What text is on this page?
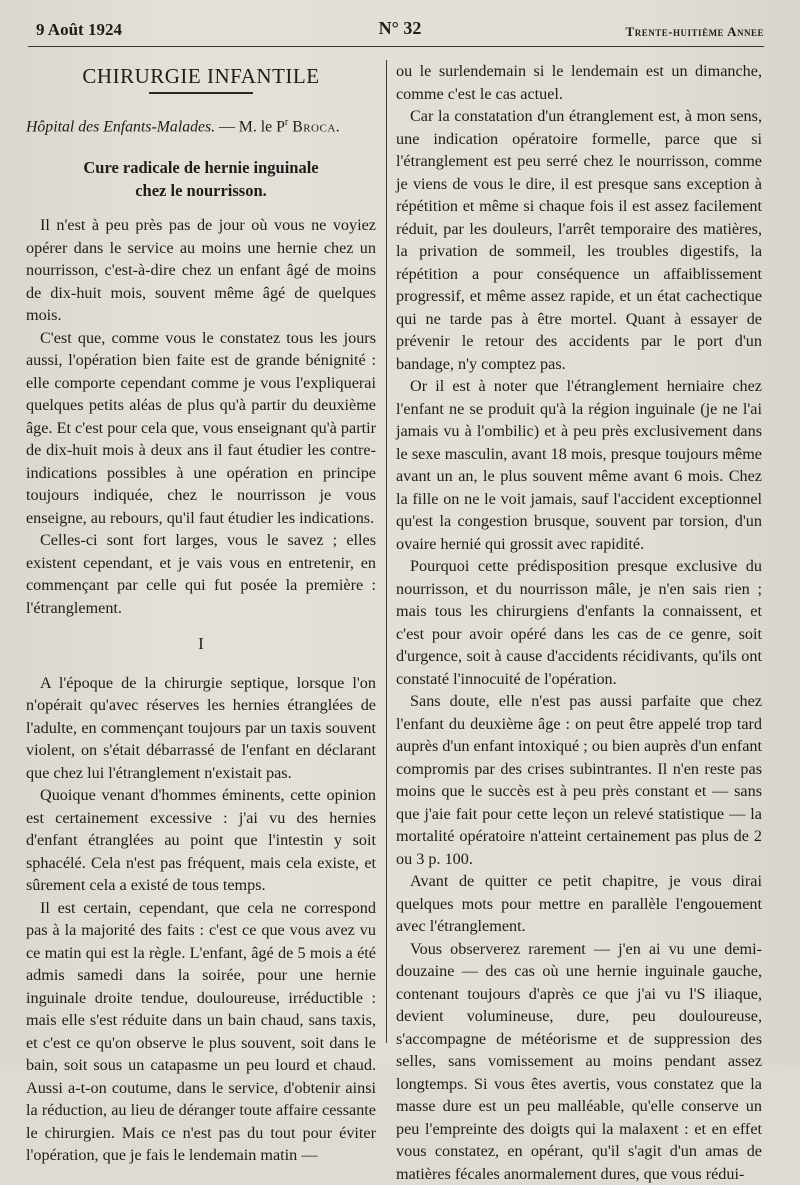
9 Août 1924	N° 32	Trente-huitième Anneе
CHIRURGIE INFANTILE
Hôpital des Enfants-Malades. — M. le $P^r$ Broca.
Cure radicale de hernie inguinale
chez le nourrisson.

Il n'est à peu près pas de jour où vous ne voyiez opérer dans le service au moins une hernie chez un nourrisson, c'est-à-dire chez un enfant âgé de moins de dix-huit mois, souvent même âgé de quelques mois.

C'est que, comme vous le constatez tous les jours aussi, l'opération bien faite est de grande bénignité : elle comporte cependant comme je vous l'expliquerai quelques petits aléas de plus qu'à partir du deuxième âge. Et c'est pour cela que, vous enseignant qu'à partir de dix-huit mois à deux ans il faut étudier les contre-indications possibles à une opération en principe toujours indiquée, chez le nourrisson je vous enseigne, au rebours, qu'il faut étudier les indications.

Celles-ci sont fort larges, vous le savez ; elles existent cependant, et je vais vous en entretenir, en commençant par celle qui fut posée la première : l'étranglement.

I

A l'époque de la chirurgie septique, lorsque l'on n'opérait qu'avec réserves les hernies étranglées de l'adulte, en commençant toujours par un taxis souvent violent, on s'était débarrassé de l'enfant en déclarant que chez lui l'étranglement n'existait pas.

Quoique venant d'hommes éminents, cette opinion est certainement excessive : j'ai vu des hernies d'enfant étranglées au point que l'intestin y soit sphacélé. Cela n'est pas fréquent, mais cela existe, et sûrement cela a existé de tous temps.

Il est certain, cependant, que cela ne correspond pas à la majorité des faits : c'est ce que vous avez vu ce matin qui est la règle. L'enfant, âgé de 5 mois a été admis samedi dans la soirée, pour une hernie inguinale droite tendue, douloureuse, irréductible : mais elle s'est réduite dans un bain chaud, sans taxis, et c'est ce qu'on observe le plus souvent, soit dans le bain, soit sous un catapasme un peu lourd et chaud. Aussi a-t-on coutume, dans le service, d'obtenir ainsi la réduction, au lieu de déranger toute affaire cessante le chirurgien. Mais ce n'est pas du tout pour éviter l'opération, que je fais le lendemain matin —

ou le surlendemain si le lendemain est un dimanche, comme c'est le cas actuel.

Car la constatation d'un étranglement est, à mon sens, une indication opératoire formelle, parce que si l'étranglement est peu serré chez le nourrisson, comme je viens de vous le dire, il est presque sans exception à répétition et même si chaque fois il est assez facilement réduit, par les douleurs, l'arrêt temporaire des matières, la privation de sommeil, les troubles digestifs, la répétition a pour conséquence un affaiblissement progressif, et même assez rapide, et un état cachectique qui ne tarde pas à être mortel. Quant à essayer de prévenir le retour des accidents par le port d'un bandage, n'y comptez pas.

Or il est à noter que l'étranglement herniaire chez l'enfant ne se produit qu'à la région inguinale (je ne l'ai jamais vu à l'ombilic) et à peu près exclusivement dans le sexe masculin, avant 18 mois, presque toujours même avant un an, le plus souvent même avant 6 mois. Chez la fille on ne le voit jamais, sauf l'accident exceptionnel qu'est la congestion brusque, souvent par torsion, d'un ovaire hernié qui grossit avec rapidité.

Pourquoi cette prédisposition presque exclusive du nourrisson, et du nourrisson mâle, je n'en sais rien ; mais tous les chirurgiens d'enfants la connaissent, et c'est pour avoir opéré dans les cas de ce genre, soit d'urgence, soit à cause d'accidents récidivants, qu'ils ont constaté l'innocuité de l'opération.

Sans doute, elle n'est pas aussi parfaite que chez l'enfant du deuxième âge : on peut être appelé trop tard auprès d'un enfant intoxiqué ; ou bien auprès d'un enfant compromis par des crises subintrantes. Il n'en reste pas moins que le succès est à peu près constant et — sans que j'aie fait pour cette leçon un relevé statistique — la mortalité opératoire n'atteint certainement pas plus de 2 ou 3 p. 100.

Avant de quitter ce petit chapitre, je vous dirai quelques mots pour mettre en parallèle l'engouement avec l'étranglement.

Vous observerez rarement — j'en ai vu une demi-douzaine — des cas où une hernie inguinale gauche, contenant toujours d'après ce que j'ai vu l'S iliaque, devient volumineuse, dure, peu douloureuse, s'accompagne de météorisme et de suppression des selles, sans vomissement au moins pendant assez longtemps. Si vous êtes avertis, vous constatez que la masse dure est un peu malléable, qu'elle conserve un peu l'empreinte des doigts qui la malaxent : et en effet vous constatez, en opérant, qu'il s'agit d'un amas de matières fécales anormalement dures, que vous rédui-
